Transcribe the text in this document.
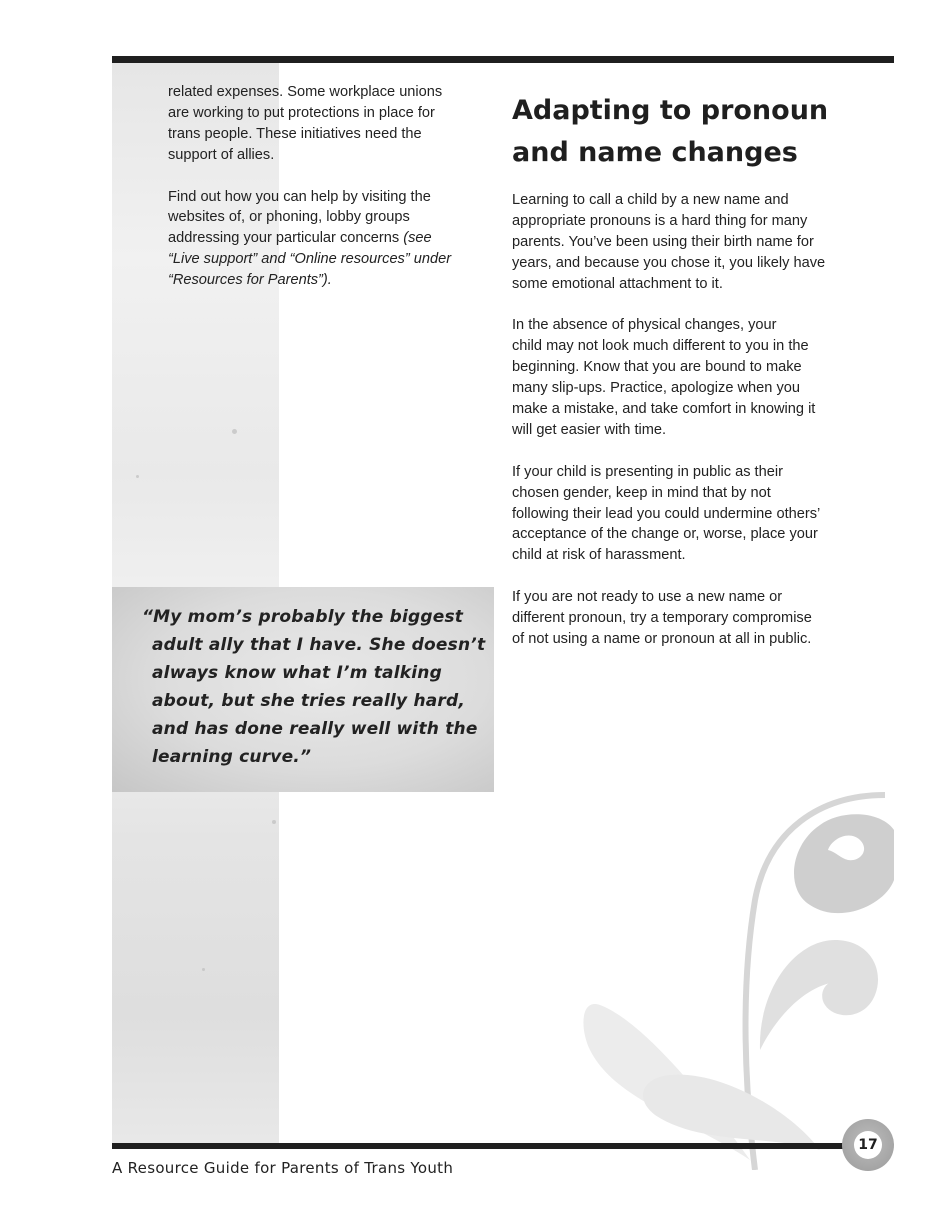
related expenses. Some workplace unions
are working to put protections in place for
trans people. These initiatives need the
support of allies.

Find out how you can help by visiting the
websites of, or phoning, lobby groups
addressing your particular concerns (see
“Live support” and “Online resources” under
“Resources for Parents”).

“My mom’s probably the biggest
adult ally that I have. She doesn’t
always know what I’m talking
about, but she tries really hard,
and has done really well with the
learning curve.”

Adapting to pronoun
and name changes

Learning to call a child by a new name and
appropriate pronouns is a hard thing for many
parents. You’ve been using their birth name for
years, and because you chose it, you likely have
some emotional attachment to it.

In the absence of physical changes, your
child may not look much different to you in the
beginning. Know that you are bound to make
many slip-ups. Practice, apologize when you
make a mistake, and take comfort in knowing it
will get easier with time.

If your child is presenting in public as their
chosen gender, keep in mind that by not
following their lead you could undermine others’
acceptance of the change or, worse, place your
child at risk of harassment.

If you are not ready to use a new name or
different pronoun, try a temporary compromise
of not using a name or pronoun at all in public.

17

A Resource Guide for Parents of Trans Youth
